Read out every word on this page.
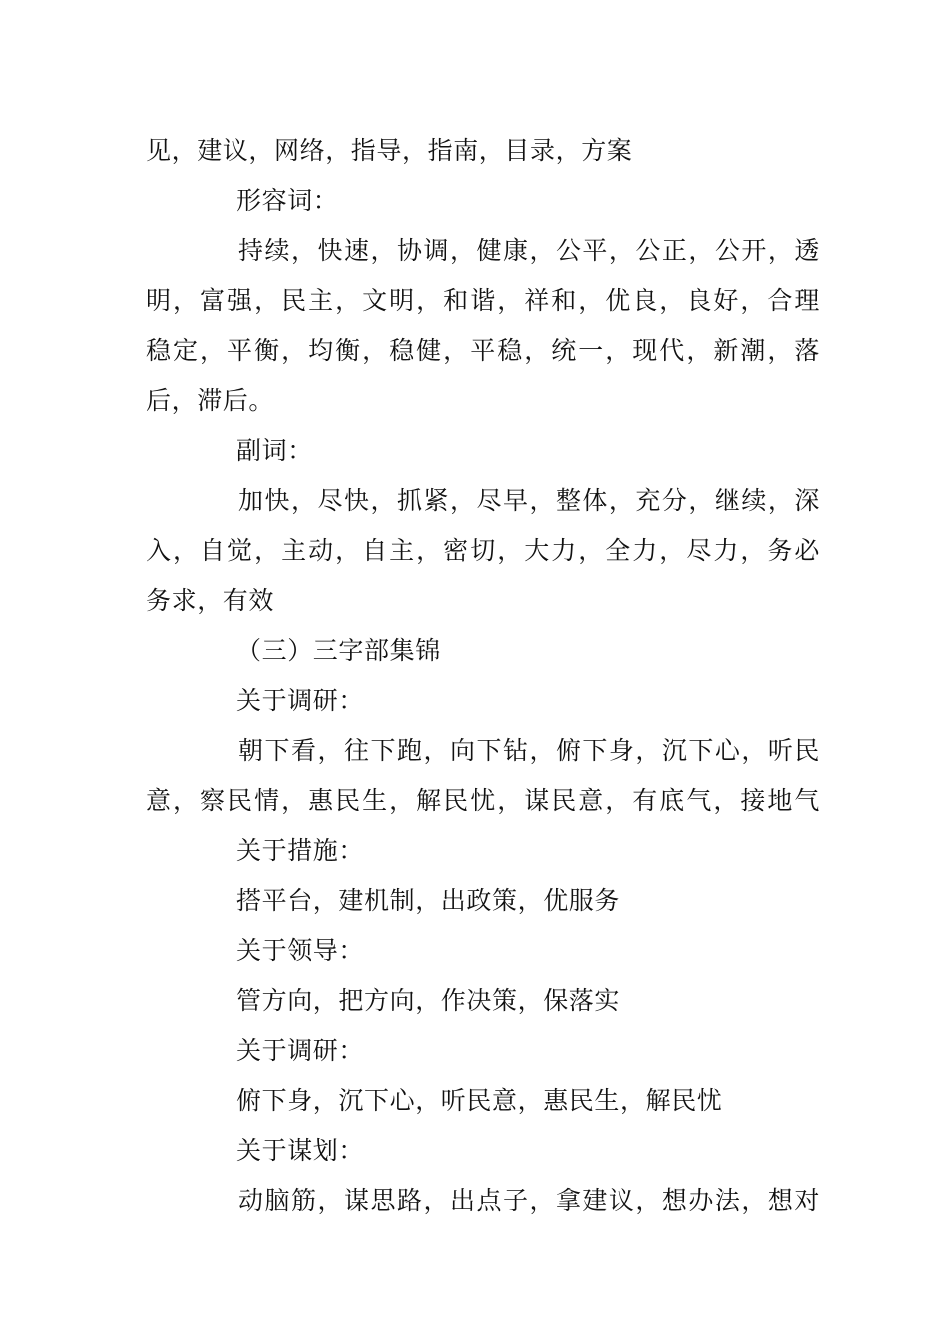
见，建议，网络，指导，指南，目录，方案
形容词：
持续，快速，协调，健康，公平，公正，公开，透
明，富强，民主，文明，和谐，祥和，优良，良好，合理
稳定，平衡，均衡，稳健，平稳，统一，现代，新潮，落
后，滞后。
副词：
加快，尽快，抓紧，尽早，整体，充分，继续，深
入，自觉，主动，自主，密切，大力，全力，尽力，务必
务求，有效
（三）三字部集锦
关于调研：
朝下看，往下跑，向下钻，俯下身，沉下心，听民
意，察民情，惠民生，解民忧，谋民意，有底气，接地气
关于措施：
搭平台，建机制，出政策，优服务
关于领导：
管方向，把方向，作决策，保落实
关于调研：
俯下身，沉下心，听民意，惠民生，解民忧
关于谋划：
动脑筋，谋思路，出点子，拿建议，想办法，想对
